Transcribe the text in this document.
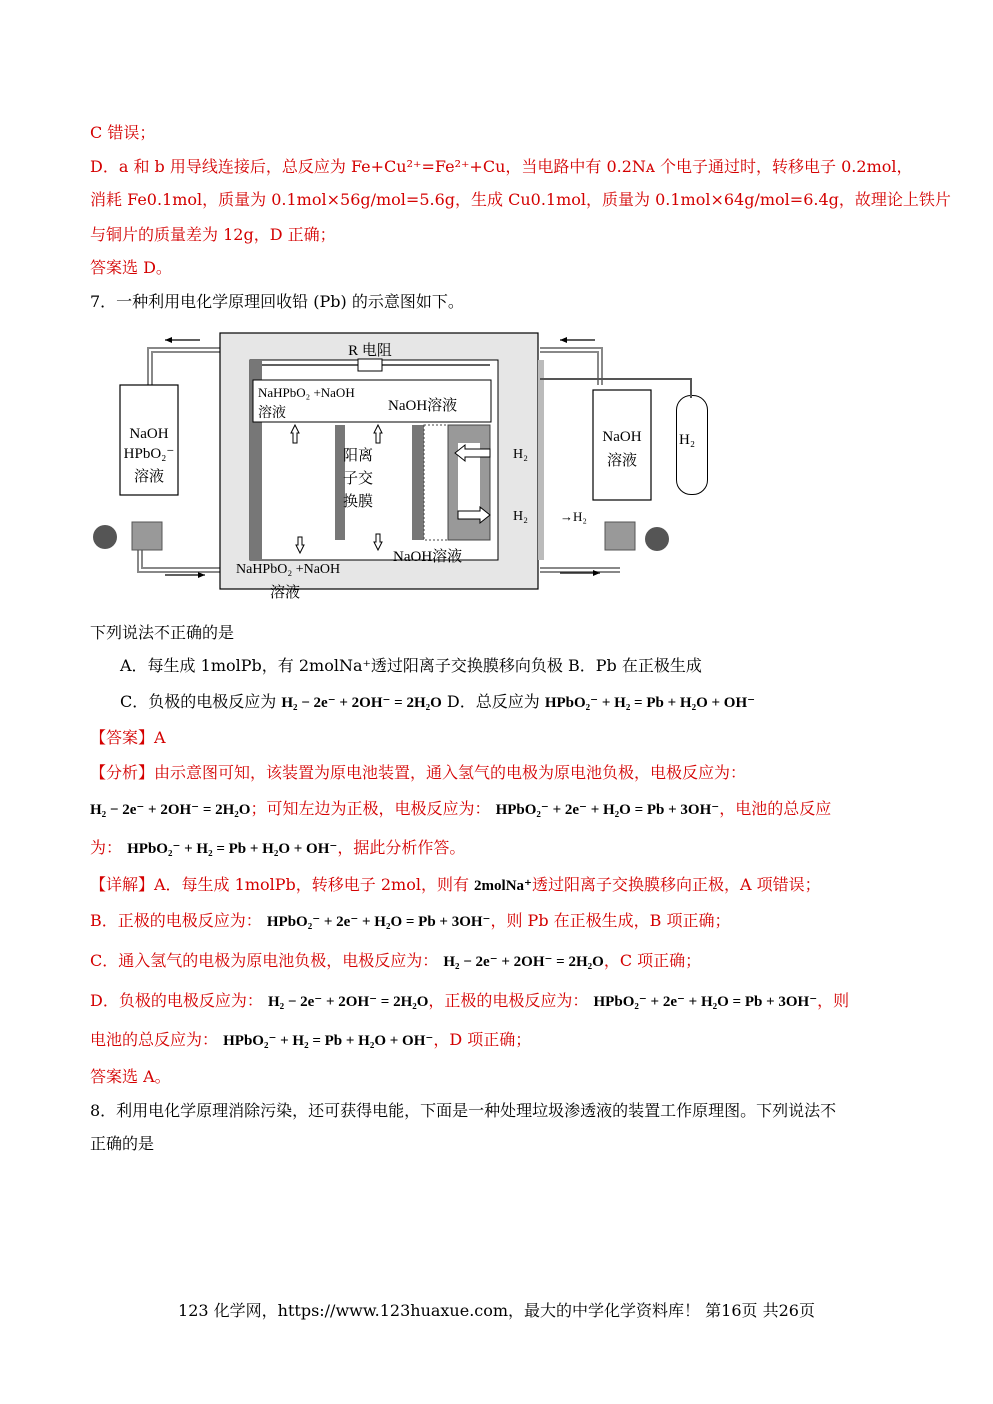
C 错误；
D．a 和 b 用导线连接后，总反应为 Fe+Cu²⁺=Fe²⁺+Cu，当电路中有 0.2Nᴀ 个电子通过时，转移电子 0.2mol，
消耗 Fe0.1mol，质量为 0.1mol×56g/mol=5.6g，生成 Cu0.1mol，质量为 0.1mol×64g/mol=6.4g，故理论上铁片
与铜片的质量差为 12g，D 正确；
答案选 D。
7．一种利用电化学原理回收铅 (Pb) 的示意图如下。
NaOH
HPbO₂⁻
溶液
阳离
子交
换膜
R 电阻
NaHPbO₂ +NaOH
溶液	NaOH溶液
NaHPbO₂ +NaOH
溶液
NaOH溶液
H₂
H₂ →H₂
NaOH
溶液
H₂
下列说法不正确的是
A．每生成 1molPb，有 2molNa⁺透过阳离子交换膜移向负极 B．Pb 在正极生成
C．负极的电极反应为 H₂ − 2e⁻ + 2OH⁻ = 2H₂O D．总反应为 HPbO₂⁻ + H₂ = Pb + H₂O + OH⁻
【答案】A
【分析】由示意图可知，该装置为原电池装置，通入氢气的电极为原电池负极，电极反应为：
H₂ − 2e⁻ + 2OH⁻ = 2H₂O；可知左边为正极，电极反应为： HPbO₂⁻ + 2e⁻ + H₂O = Pb + 3OH⁻，电池的总反应
为： HPbO₂⁻ + H₂ = Pb + H₂O + OH⁻，据此分析作答。
【详解】A．每生成 1molPb，转移电子 2mol，则有 2molNa⁺透过阳离子交换膜移向正极，A 项错误；
B．正极的电极反应为： HPbO₂⁻ + 2e⁻ + H₂O = Pb + 3OH⁻，则 Pb 在正极生成，B 项正确；
C．通入氢气的电极为原电池负极，电极反应为： H₂ − 2e⁻ + 2OH⁻ = 2H₂O，C 项正确；
D．负极的电极反应为： H₂ − 2e⁻ + 2OH⁻ = 2H₂O，正极的电极反应为： HPbO₂⁻ + 2e⁻ + H₂O = Pb + 3OH⁻，则
电池的总反应为： HPbO₂⁻ + H₂ = Pb + H₂O + OH⁻，D 项正确；
答案选 A。
8．利用电化学原理消除污染，还可获得电能，下面是一种处理垃圾渗透液的装置工作原理图。下列说法不
正确的是
123 化学网，https://www.123huaxue.com，最大的中学化学资料库！ 第16页 共26页
